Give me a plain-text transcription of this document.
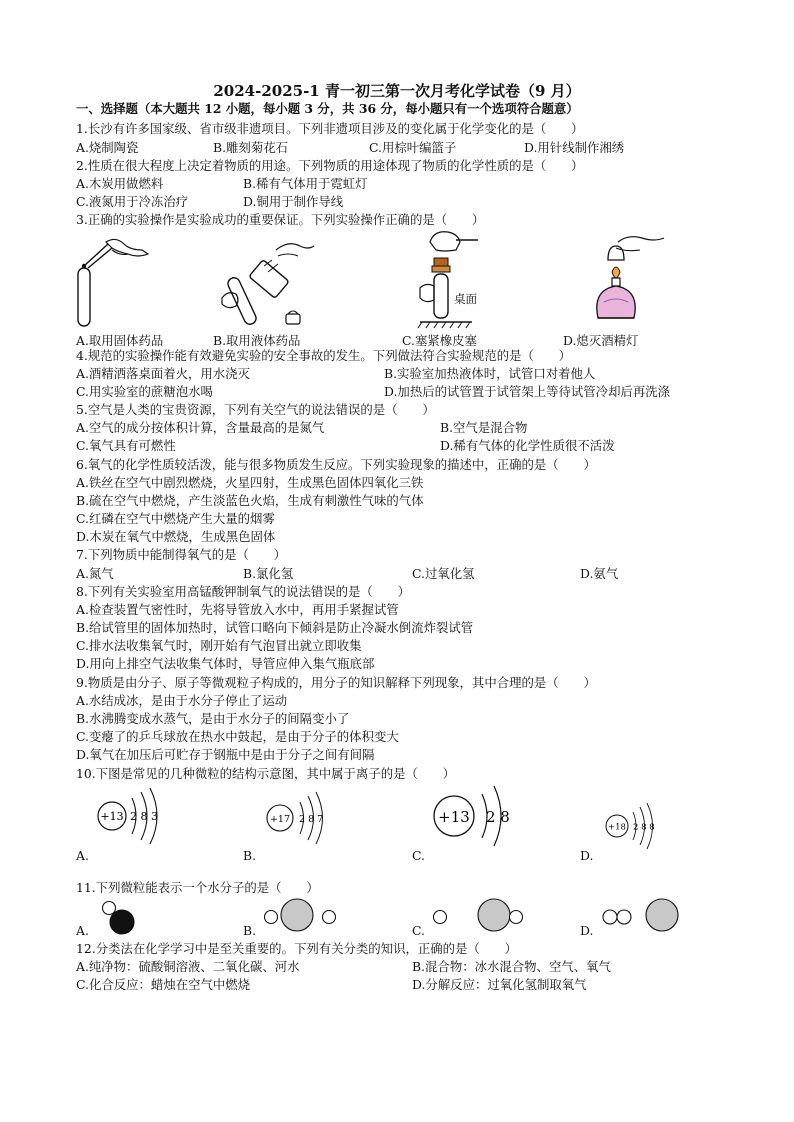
2024-2025-1 青一初三第一次月考化学试卷（9 月）
一、选择题（本大题共 12 小题，每小题 3 分，共 36 分，每小题只有一个选项符合题意）
1.长沙有许多国家级、省市级非遗项目。下列非遗项目涉及的变化属于化学变化的是（　　）
A.烧制陶瓷	B.雕刻菊花石	C.用棕叶编篮子	D.用针线制作湘绣
2.性质在很大程度上决定着物质的用途。下列物质的用途体现了物质的化学性质的是（　　）
A.木炭用做燃料	B.稀有气体用于霓虹灯
C.液氮用于冷冻治疗	D.铜用于制作导线
3.正确的实验操作是实验成功的重要保证。下列实验操作正确的是（　　）
A.取用固体药品	B.取用液体药品
桌面
C.塞紧橡皮塞	D.熄灭酒精灯
4.规范的实验操作能有效避免实验的安全事故的发生。下列做法符合实验规范的是（　　）
A.酒精洒落桌面着火，用水浇灭	B.实验室加热液体时，试管口对着他人
C.用实验室的蔗糖泡水喝	D.加热后的试管置于试管架上等待试管冷却后再洗涤
5.空气是人类的宝贵资源，下列有关空气的说法错误的是（　　）
A.空气的成分按体积计算，含量最高的是氮气	B.空气是混合物
C.氧气具有可燃性	D.稀有气体的化学性质很不活泼
6.氧气的化学性质较活泼，能与很多物质发生反应。下列实验现象的描述中，正确的是（　　）
A.铁丝在空气中剧烈燃烧，火星四射，生成黑色固体四氧化三铁
B.硫在空气中燃烧，产生淡蓝色火焰，生成有刺激性气味的气体
C.红磷在空气中燃烧产生大量的烟雾
D.木炭在氧气中燃烧，生成黑色固体
7.下列物质中能制得氧气的是（　　）
A.氮气	B.氯化氢	C.过氧化氢	D.氨气
8.下列有关实验室用高锰酸钾制氧气的说法错误的是（　　）
A.检查装置气密性时，先将导管放入水中，再用手紧握试管
B.给试管里的固体加热时，试管口略向下倾斜是防止冷凝水倒流炸裂试管
C.排水法收集氧气时，刚开始有气泡冒出就立即收集
D.用向上排空气法收集气体时，导管应伸入集气瓶底部
9.物质是由分子、原子等微观粒子构成的，用分子的知识解释下列现象，其中合理的是（　　）
A.水结成冰，是由于水分子停止了运动
B.水沸腾变成水蒸气，是由于水分子的间隔变小了
C.变瘪了的乒乓球放在热水中鼓起，是由于分子的体积变大
D.氧气在加压后可贮存于钢瓶中是由于分子之间有间隔
10.下图是常见的几种微粒的结构示意图，其中属于离子的是（　　）
+13 2 8 3
A.
+17 2 8 7
B.
+13 2 8
C.
+18 2 8 8
D.
11.下列微粒能表示一个水分子的是（　　）
A.	B.	C.	D.
12.分类法在化学学习中是至关重要的。下列有关分类的知识，正确的是（　　）
A.纯净物：硫酸铜溶液、二氧化碳、河水	B.混合物：冰水混合物、空气、氧气
C.化合反应：蜡烛在空气中燃烧	D.分解反应：过氧化氢制取氧气
